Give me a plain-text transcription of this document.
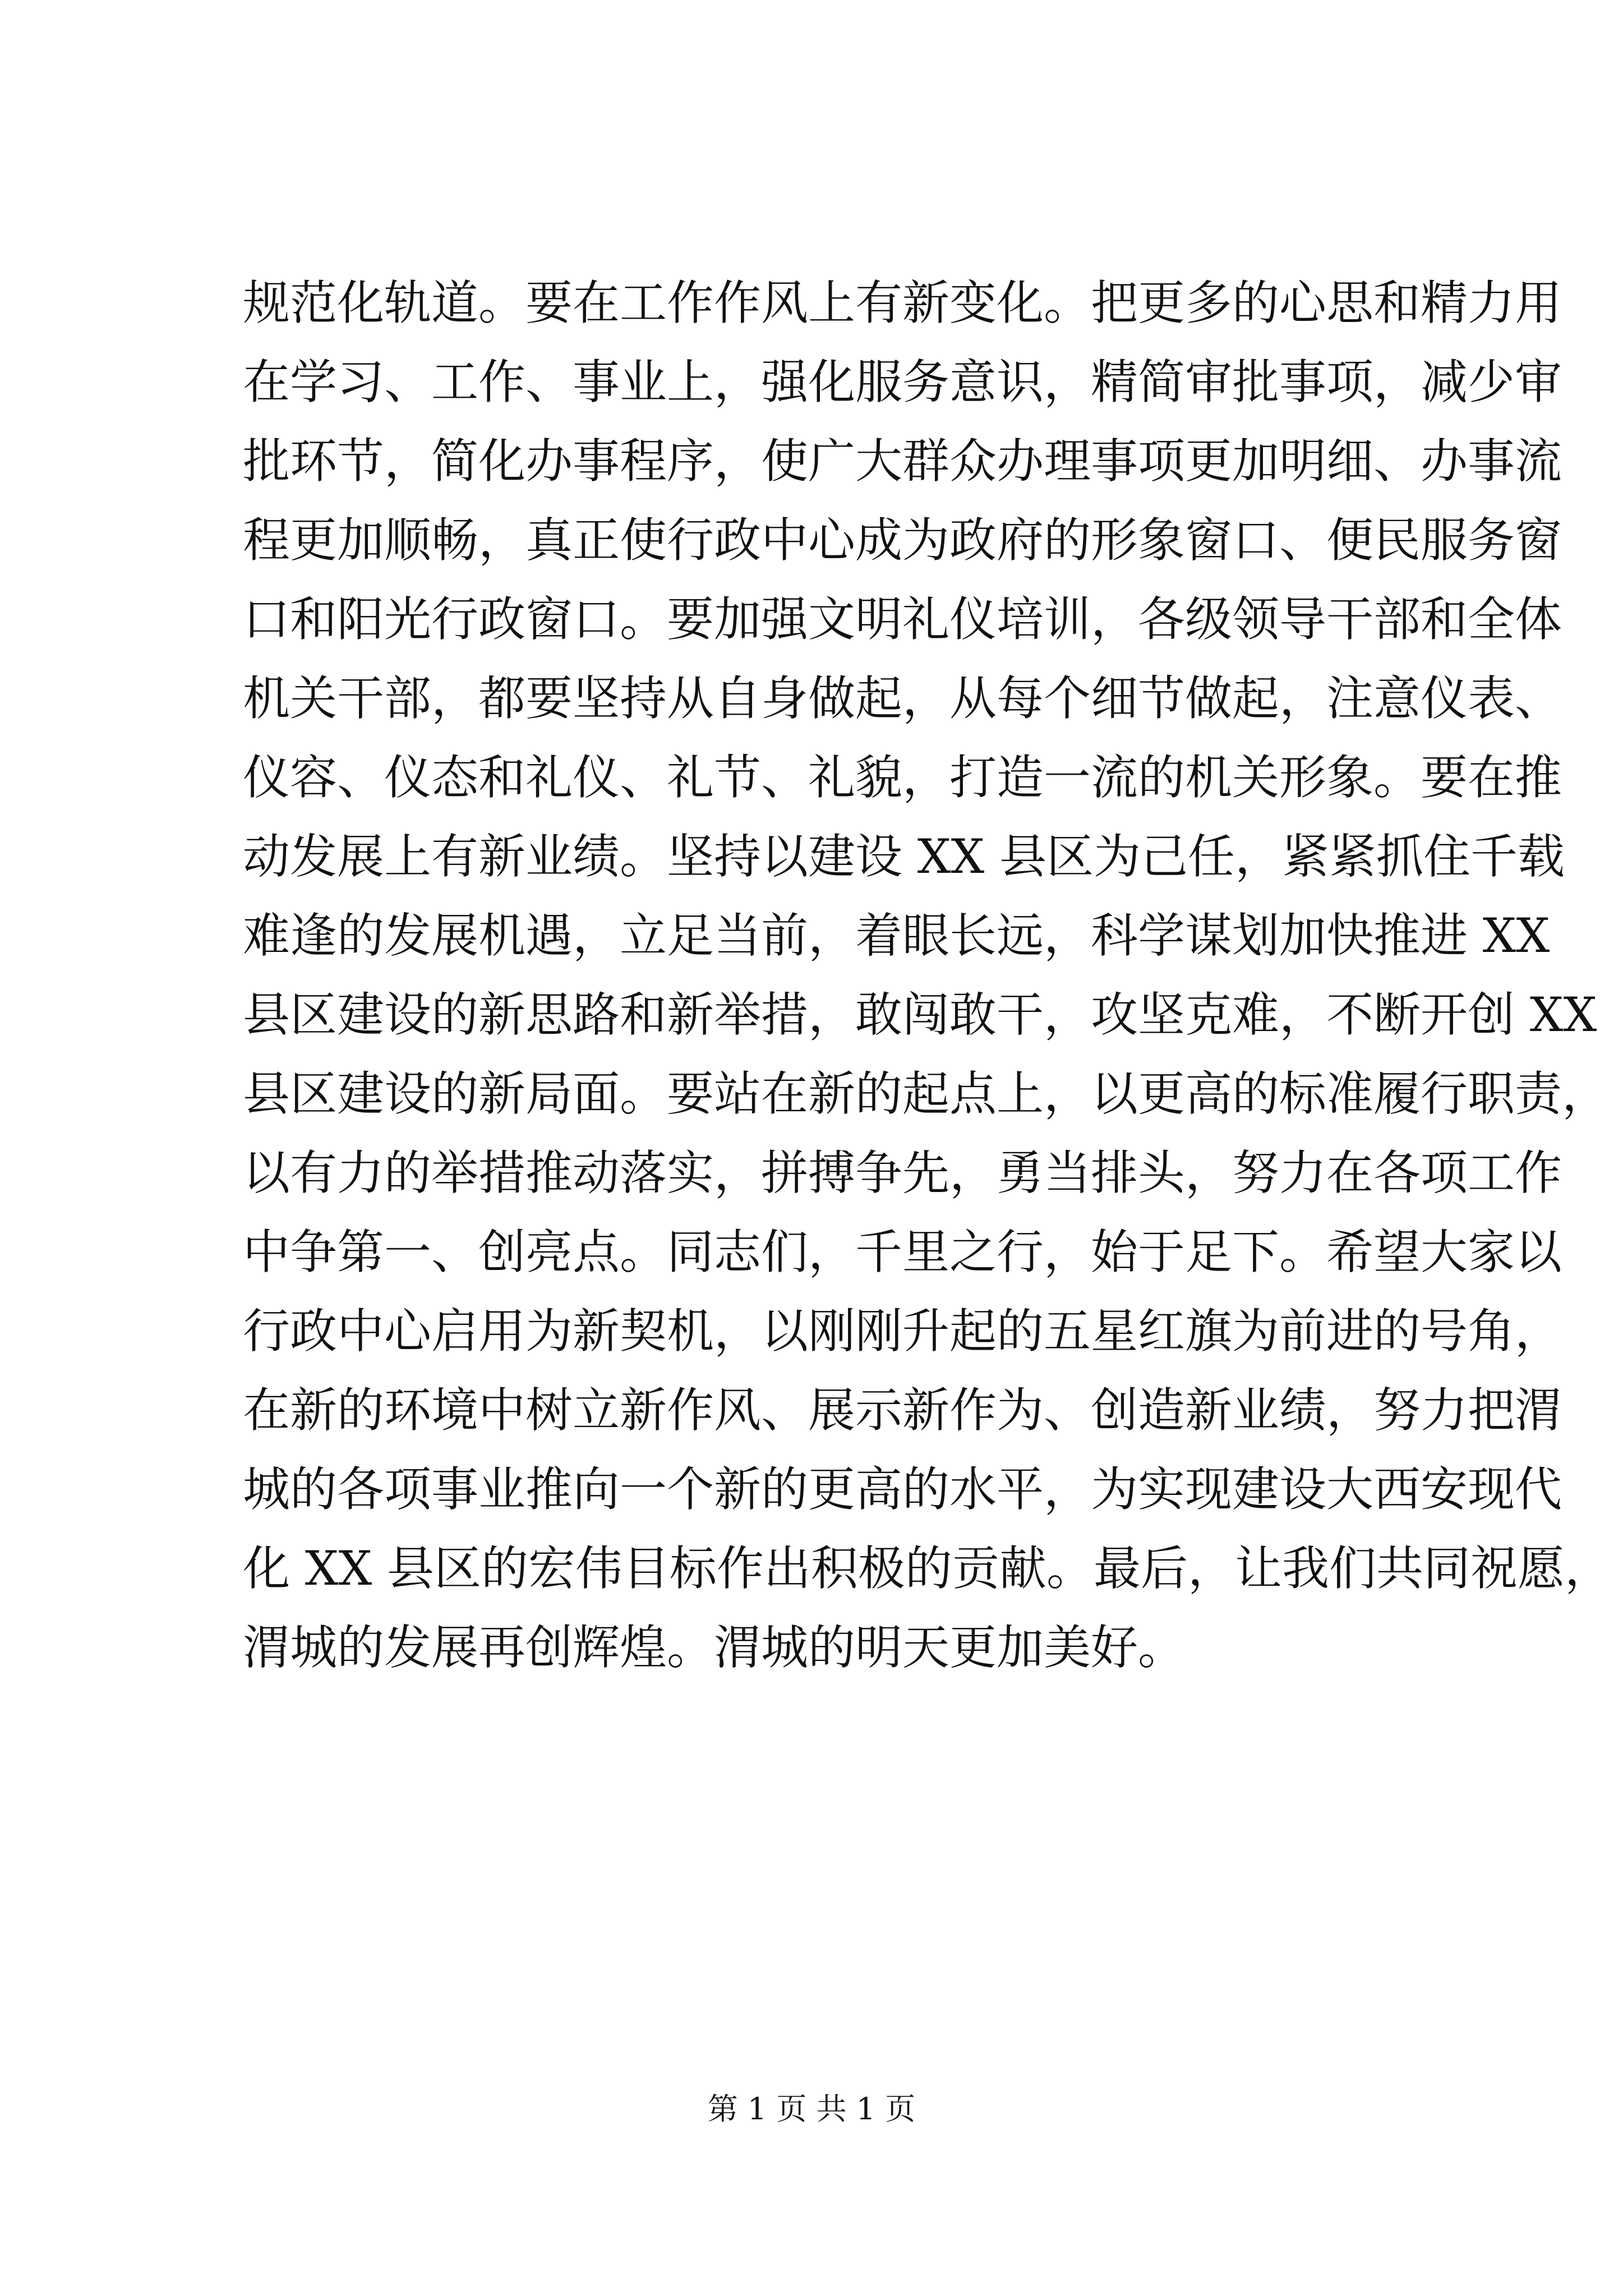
规范化轨道。要在工作作风上有新变化。把更多的心思和精力用
在学习、工作、事业上，强化服务意识，精简审批事项，减少审
批环节，简化办事程序，使广大群众办理事项更加明细、办事流
程更加顺畅，真正使行政中心成为政府的形象窗口、便民服务窗
口和阳光行政窗口。要加强文明礼仪培训，各级领导干部和全体
机关干部，都要坚持从自身做起，从每个细节做起，注意仪表、
仪容、仪态和礼仪、礼节、礼貌，打造一流的机关形象。要在推
动发展上有新业绩。坚持以建设 XX 县区为己任，紧紧抓住千载
难逢的发展机遇，立足当前，着眼长远，科学谋划加快推进 XX
县区建设的新思路和新举措，敢闯敢干，攻坚克难，不断开创 XX
县区建设的新局面。要站在新的起点上，以更高的标准履行职责，
以有力的举措推动落实，拼搏争先，勇当排头，努力在各项工作
中争第一、创亮点。同志们，千里之行，始于足下。希望大家以
行政中心启用为新契机，以刚刚升起的五星红旗为前进的号角，
在新的环境中树立新作风、展示新作为、创造新业绩，努力把渭
城的各项事业推向一个新的更高的水平，为实现建设大西安现代
化 XX 县区的宏伟目标作出积极的贡献。最后，让我们共同祝愿，
渭城的发展再创辉煌。渭城的明天更加美好。
第 1 页 共 1 页
